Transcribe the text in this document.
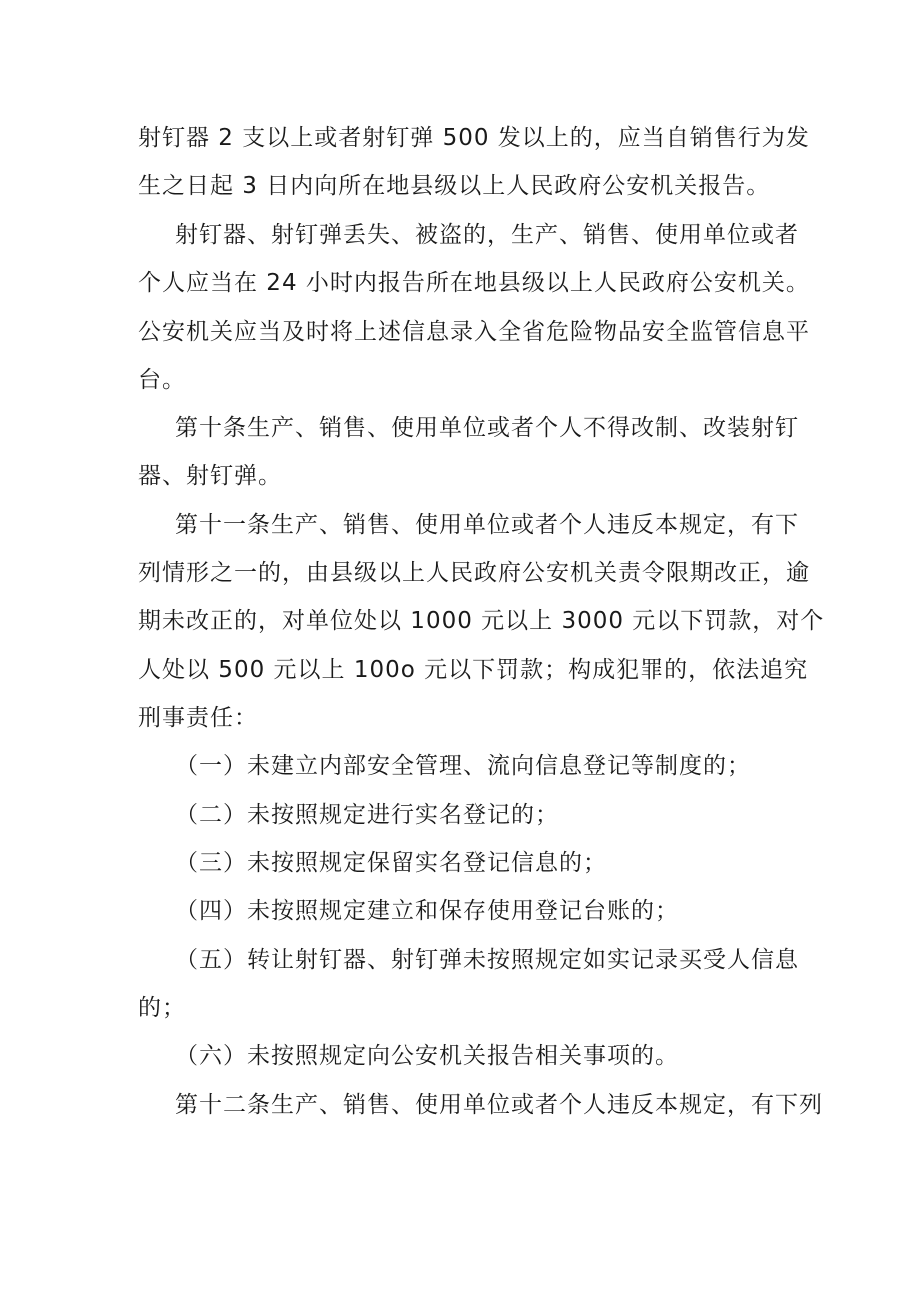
射钉器 2 支以上或者射钉弹 500 发以上的，应当自销售行为发
生之日起 3 日内向所在地县级以上人民政府公安机关报告。
射钉器、射钉弹丢失、被盗的，生产、销售、使用单位或者
个人应当在 24 小时内报告所在地县级以上人民政府公安机关。
公安机关应当及时将上述信息录入全省危险物品安全监管信息平
台。
第十条生产、销售、使用单位或者个人不得改制、改装射钉
器、射钉弹。
第十一条生产、销售、使用单位或者个人违反本规定，有下
列情形之一的，由县级以上人民政府公安机关责令限期改正，逾
期未改正的，对单位处以 1000 元以上 3000 元以下罚款，对个
人处以 500 元以上 100o 元以下罚款；构成犯罪的，依法追究
刑事责任：
（一）未建立内部安全管理、流向信息登记等制度的；
（二）未按照规定进行实名登记的；
（三）未按照规定保留实名登记信息的；
（四）未按照规定建立和保存使用登记台账的；
（五）转让射钉器、射钉弹未按照规定如实记录买受人信息
的；
（六）未按照规定向公安机关报告相关事项的。
第十二条生产、销售、使用单位或者个人违反本规定，有下列
